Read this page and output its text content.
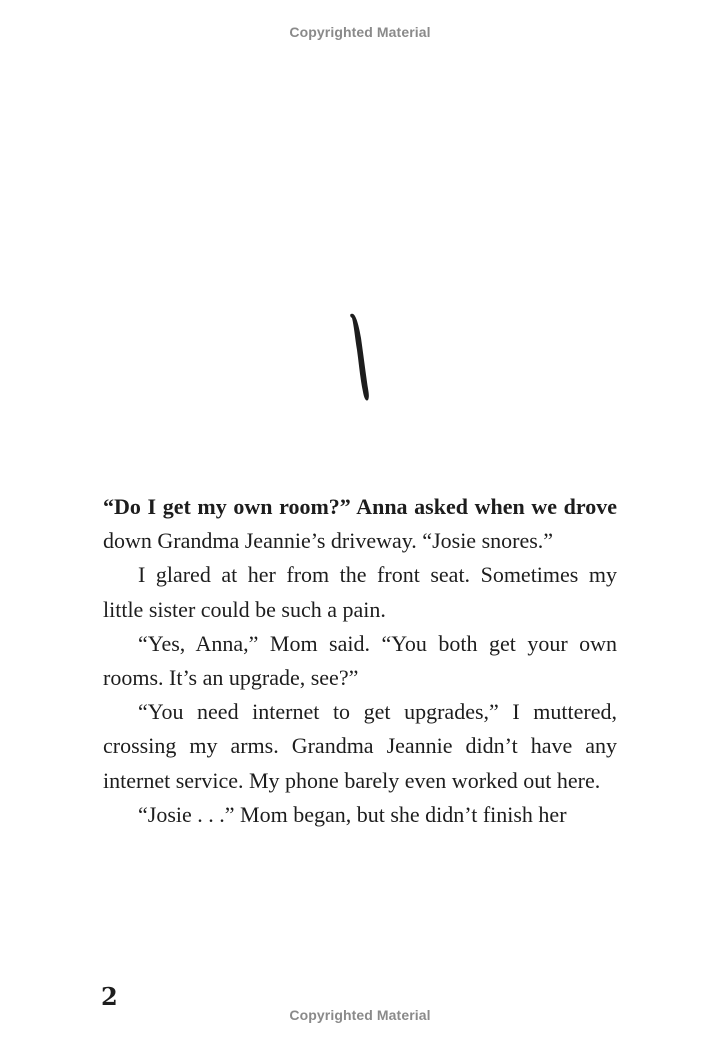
Copyrighted Material

“Do I get my own room?” Anna asked when we drove down Grandma Jeannie’s driveway. “Josie snores.”

I glared at her from the front seat. Sometimes my little sister could be such a pain.

“Yes, Anna,” Mom said. “You both get your own rooms. It’s an upgrade, see?”

“You need internet to get upgrades,” I muttered, crossing my arms. Grandma Jeannie didn’t have any internet service. My phone barely even worked out here.

“Josie . . .” Mom began, but she didn’t finish her

2
Copyrighted Material
